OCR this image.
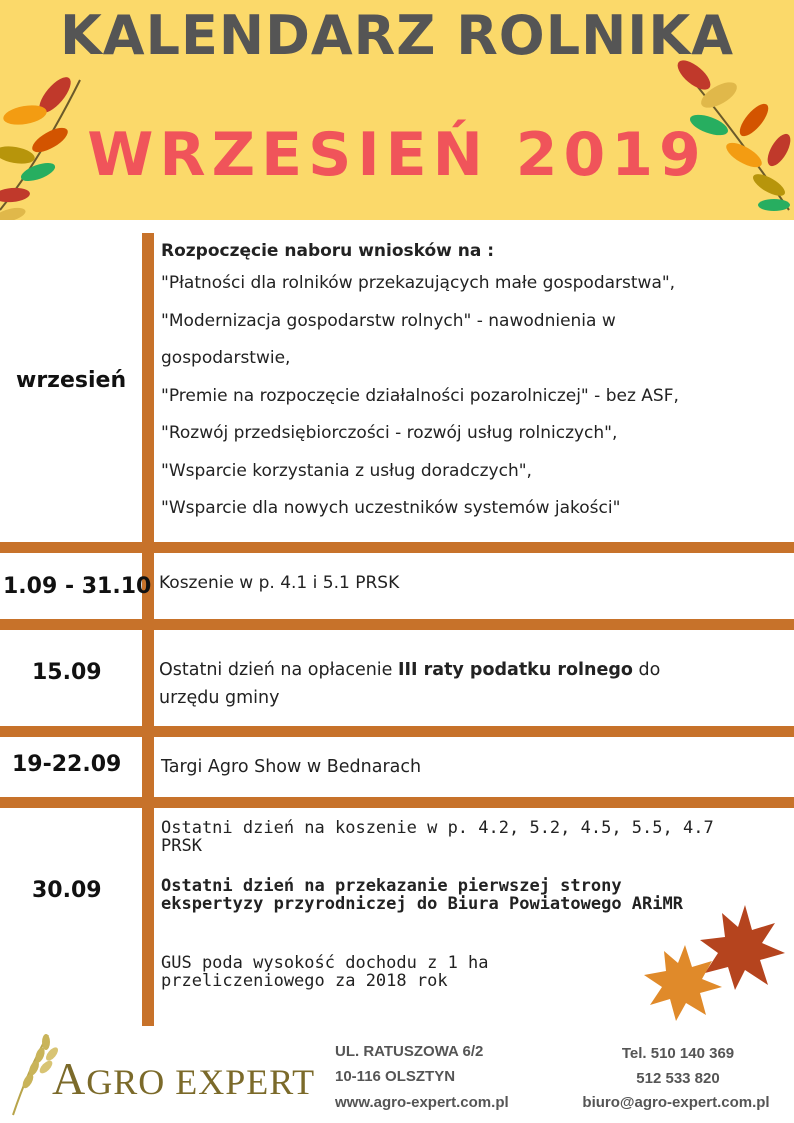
KALENDARZ ROLNIKA
WRZESIEŃ 2019
wrzesień
Rozpoczęcie naboru wniosków na :
"Płatności dla rolników przekazujących małe gospodarstwa",
"Modernizacja gospodarstw rolnych" - nawodnienia w
gospodarstwie,
"Premie na rozpoczęcie działalności pozarolniczej" - bez ASF,
"Rozwój przedsiębiorczości - rozwój usług rolniczych",
"Wsparcie korzystania z usług doradczych",
"Wsparcie dla nowych uczestników systemów jakości"
1.09 - 31.10 Koszenie w p. 4.1 i 5.1 PRSK
15.09	Ostatni dzień na opłacenie III raty podatku rolnego do urzędu gminy
19-22.09 Targi Agro Show w Bednarach
30.09
Ostatni dzień na koszenie w p. 4.2, 5.2, 4.5, 5.5, 4.7 PRSK
Ostatni dzień na przekazanie pierwszej strony ekspertyzy przyrodniczej do Biura Powiatowego ARiMR
GUS poda wysokość dochodu z 1 ha przeliczeniowego za 2018 rok
AGRO EXPERT
UL. RATUSZOWA 6/2
10-116 OLSZTYN
www.agro-expert.com.pl
Tel. 510 140 369
512 533 820
biuro@agro-expert.com.pl
